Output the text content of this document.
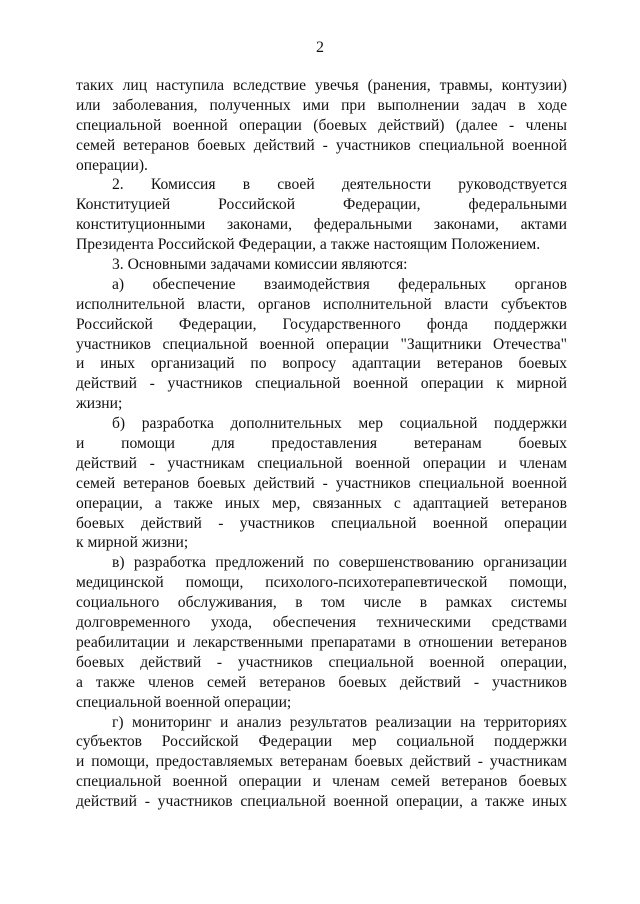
2
таких лиц наступила вследствие увечья (ранения, травмы, контузии)
или заболевания, полученных ими при выполнении задач в ходе
специальной военной операции (боевых действий) (далее - члены
семей ветеранов боевых действий - участников специальной военной
операции).
2. Комиссия в своей деятельности руководствуется
Конституцией Российской Федерации, федеральными
конституционными законами, федеральными законами, актами
Президента Российской Федерации, а также настоящим Положением.
3. Основными задачами комиссии являются:
а) обеспечение взаимодействия федеральных органов
исполнительной власти, органов исполнительной власти субъектов
Российской Федерации, Государственного фонда поддержки
участников специальной военной операции "Защитники Отечества"
и иных организаций по вопросу адаптации ветеранов боевых
действий - участников специальной военной операции к мирной
жизни;
б) разработка дополнительных мер социальной поддержки
и помощи для предоставления ветеранам боевых
действий - участникам специальной военной операции и членам
семей ветеранов боевых действий - участников специальной военной
операции, а также иных мер, связанных с адаптацией ветеранов
боевых действий - участников специальной военной операции
к мирной жизни;
в) разработка предложений по совершенствованию организации
медицинской помощи, психолого-психотерапевтической помощи,
социального обслуживания, в том числе в рамках системы
долговременного ухода, обеспечения техническими средствами
реабилитации и лекарственными препаратами в отношении ветеранов
боевых действий - участников специальной военной операции,
а также членов семей ветеранов боевых действий - участников
специальной военной операции;
г) мониторинг и анализ результатов реализации на территориях
субъектов Российской Федерации мер социальной поддержки
и помощи, предоставляемых ветеранам боевых действий - участникам
специальной военной операции и членам семей ветеранов боевых
действий - участников специальной военной операции, а также иных
